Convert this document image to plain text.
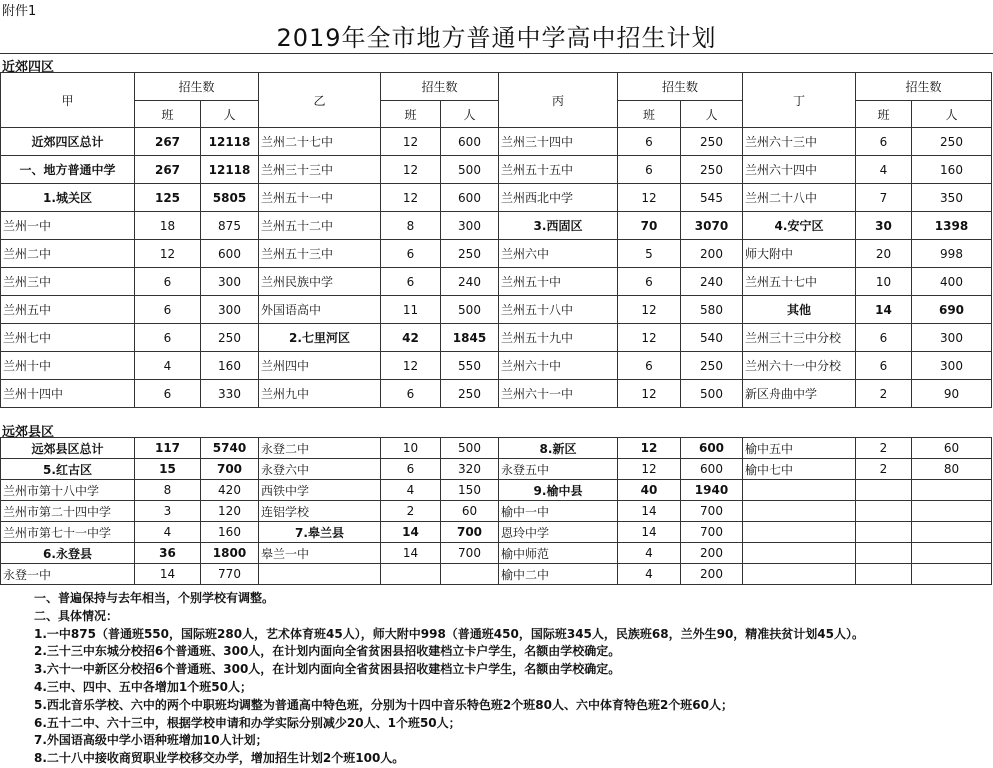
附件1
2019年全市地方普通中学高中招生计划
近郊四区
甲	招生数		乙	招生数		丙	招生数		丁	招生数	
	班	人		班	人		班	人		班	人
近郊四区总计	267	12118	兰州二十七中	12	600	兰州三十四中	6	250	兰州六十三中	6	250
一、地方普通中学	267	12118	兰州三十三中	12	500	兰州五十五中	6	250	兰州六十四中	4	160
1.城关区	125	5805	兰州五十一中	12	600	兰州西北中学	12	545	兰州二十八中	7	350
兰州一中	18	875	兰州五十二中	8	300	3.西固区	70	3070	4.安宁区	30	1398
兰州二中	12	600	兰州五十三中	6	250	兰州六中	5	200	师大附中	20	998
兰州三中	6	300	兰州民族中学	6	240	兰州五十中	6	240	兰州五十七中	10	400
兰州五中	6	300	外国语高中	11	500	兰州五十八中	12	580	其他	14	690
兰州七中	6	250	2.七里河区	42	1845	兰州五十九中	12	540	兰州三十三中分校	6	300
兰州十中	4	160	兰州四中	12	550	兰州六十中	6	250	兰州六十一中分校	6	300
兰州十四中	6	330	兰州九中	6	250	兰州六十一中	12	500	新区舟曲中学	2	90
远郊县区
远郊县区总计	117	5740	永登二中	10	500	8.新区	12	600	榆中五中	2	60
5.红古区	15	700	永登六中	6	320	永登五中	12	600	榆中七中	2	80
兰州市第十八中学	8	420	西铁中学	4	150	9.榆中县	40	1940			
兰州市第二十四中学	3	120	连铝学校	2	60	榆中一中	14	700			
兰州市第七十一中学	4	160	7.皋兰县	14	700	恩玲中学	14	700			
6.永登县	36	1800	皋兰一中	14	700	榆中师范	4	200			
永登一中	14	770				榆中二中	4	200			
一、普遍保持与去年相当，个别学校有调整。
二、具体情况：
1.一中875（普通班550，国际班280人，艺术体育班45人），师大附中998（普通班450，国际班345人，民族班68，兰外生90，精准扶贫计划45人）。
2.三十三中东城分校招6个普通班、300人，在计划内面向全省贫困县招收建档立卡户学生，名额由学校确定。
3.六十一中新区分校招6个普通班、300人，在计划内面向全省贫困县招收建档立卡户学生，名额由学校确定。
4.三中、四中、五中各增加1个班50人；
5.西北音乐学校、六中的两个中职班均调整为普通高中特色班，分别为十四中音乐特色班2个班80人、六中体育特色班2个班60人；
6.五十二中、六十三中，根据学校申请和办学实际分别减少20人、1个班50人；
7.外国语高级中学小语种班增加10人计划；
8.二十八中接收商贸职业学校移交办学，增加招生计划2个班100人。
